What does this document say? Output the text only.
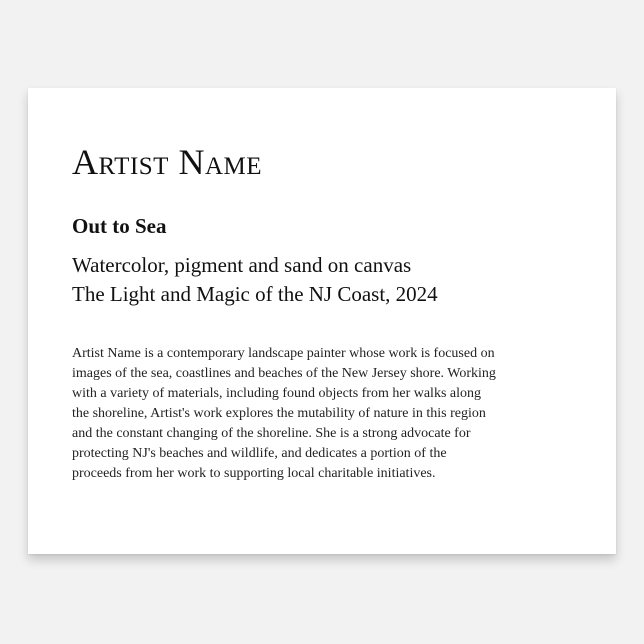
Artist Name
Out to Sea

Watercolor, pigment and sand on canvas

The Light and Magic of the NJ Coast, 2024

Artist Name is a contemporary landscape painter whose work is focused on
images of the sea, coastlines and beaches of the New Jersey shore. Working
with a variety of materials, including found objects from her walks along
the shoreline, Artist's work explores the mutability of nature in this region
and the constant changing of the shoreline. She is a strong advocate for
protecting NJ's beaches and wildlife, and dedicates a portion of the
proceeds from her work to supporting local charitable initiatives.
